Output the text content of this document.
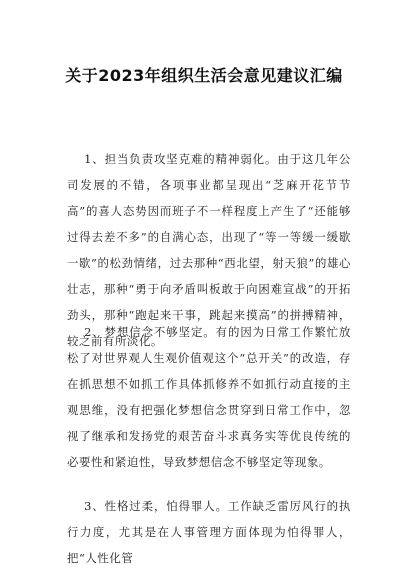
关于2023年组织生活会意见建议汇编

1、担当负责攻坚克难的精神弱化。由于这几年公司发展的不错，各项事业都呈现出“芝麻开花节节高”的喜人态势因而班子不一样程度上产生了“还能够过得去差不多”的自满心态，出现了“等一等缓一缓歇一歇”的松劲情绪，过去那种“西北望，射天狼”的雄心壮志，那种“勇于向矛盾叫板敢于向困难宣战”的开拓劲头，那种“跑起来干事，跳起来摸高”的拼搏精神，较之前有所淡化。

2、梦想信念不够坚定。有的因为日常工作繁忙放松了对世界观人生观价值观这个“总开关”的改造，存在抓思想不如抓工作具体抓修养不如抓行动直接的主观思维，没有把强化梦想信念贯穿到日常工作中，忽视了继承和发扬党的艰苦奋斗求真务实等优良传统的必要性和紧迫性，导致梦想信念不够坚定等现象。

3、性格过柔，怕得罪人。工作缺乏雷厉风行的执行力度，尤其是在人事管理方面体现为怕得罪人，把“人性化管
